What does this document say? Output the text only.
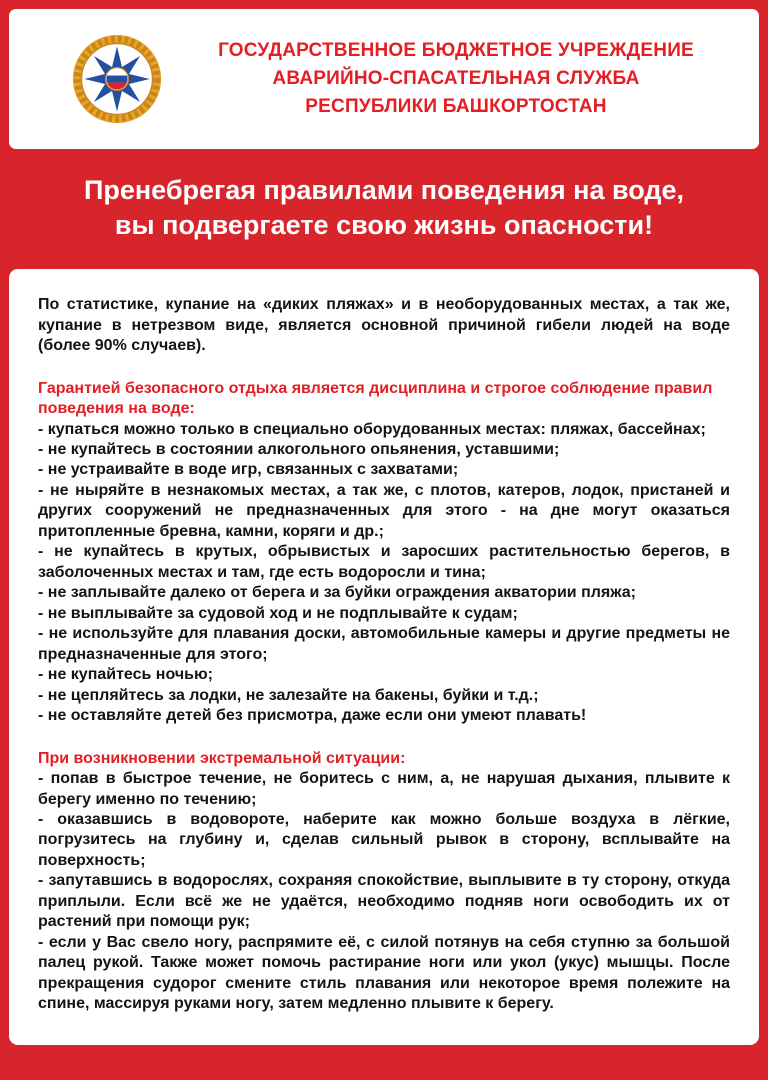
ГОСУДАРСТВЕННОЕ БЮДЖЕТНОЕ УЧРЕЖДЕНИЕ
АВАРИЙНО-СПАСАТЕЛЬНАЯ СЛУЖБА
РЕСПУБЛИКИ БАШКОРТОСТАН
Пренебрегая правилами поведения на воде,
вы подвергаете свою жизнь опасности!

По статистике, купание на «диких пляжах» и в необорудованных местах, а так же, купание в нетрезвом виде, является основной причиной гибели людей на воде (более 90% случаев).

Гарантией безопасного отдыха является дисциплина и строгое соблюдение правил поведения на воде:

- купаться можно только в специально оборудованных местах: пляжах, бассейнах;

- не купайтесь в состоянии алкогольного опьянения, уставшими;

- не устраивайте в воде игр, связанных с захватами;

- не ныряйте в незнакомых местах, а так же, с плотов, катеров, лодок, пристаней и других сооружений не предназначенных для этого - на дне могут оказаться притопленные бревна, камни, коряги и др.;

- не купайтесь в крутых, обрывистых и заросших растительностью берегов, в заболоченных местах и там, где есть водоросли и тина;

- не заплывайте далеко от берега и за буйки ограждения акватории пляжа;

- не выплывайте за судовой ход и не подплывайте к судам;

- не используйте для плавания доски, автомобильные камеры и другие предметы не предназначенные для этого;

- не купайтесь ночью;

- не цепляйтесь за лодки, не залезайте на бакены, буйки и т.д.;

- не оставляйте детей без присмотра, даже если они умеют плавать!

При возникновении экстремальной ситуации:

- попав в быстрое течение, не боритесь с ним, а, не нарушая дыхания, плывите к берегу именно по течению;

- оказавшись в водовороте, наберите как можно больше воздуха в лёгкие, погрузитесь на глубину и, сделав сильный рывок в сторону, всплывайте на поверхность;

- запутавшись в водорослях, сохраняя спокойствие, выплывите в ту сторону, откуда приплыли. Если всё же не удаётся, необходимо подняв ноги освободить их от растений при помощи рук;

- если у Вас свело ногу, распрямите её, с силой потянув на себя ступню за большой палец рукой. Также может помочь растирание ноги или укол (укус) мышцы. После прекращения судорог смените стиль плавания или некоторое время полежите на спине, массируя руками ногу, затем медленно плывите к берегу.
